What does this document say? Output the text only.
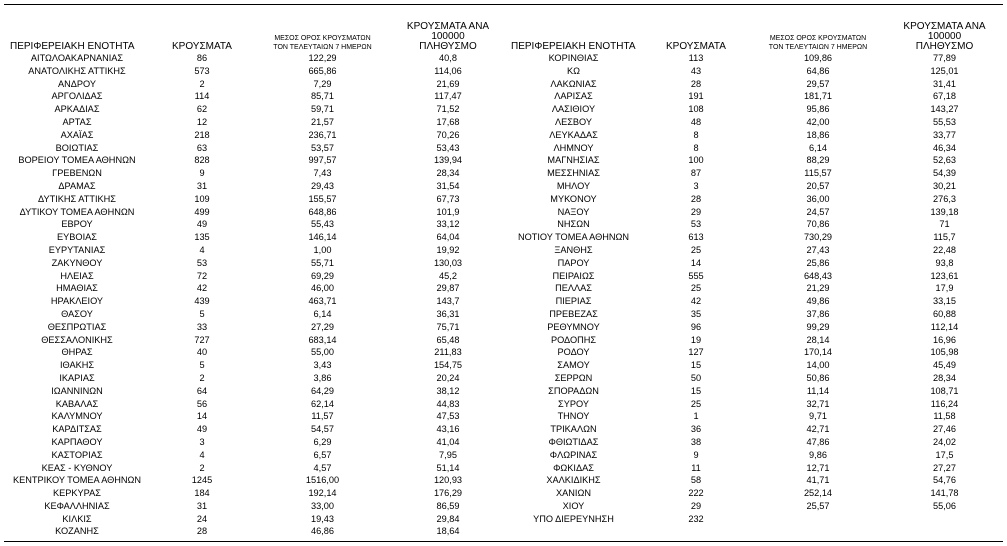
ΠΕΡΙΦΕΡΕΙΑΚΗ ΕΝΟΤΗΤΑ	ΚΡΟΥΣΜΑΤΑ	ΜΕΣΟΣ ΟΡΟΣ ΚΡΟΥΣΜΑΤΩΝ
ΤΟΝ ΤΕΛΕΥΤΑΙΩΝ 7 ΗΜΕΡΩΝ	ΚΡΟΥΣΜΑΤΑ ΑΝΑ 100000
ΠΛΗΘΥΣΜΟ
ΑΙΤΩΛΟΑΚΑΡΝΑΝΙΑΣ	86	122,29	40,8
ΑΝΑΤΟΛΙΚΗΣ ΑΤΤΙΚΗΣ	573	665,86	114,06
ΑΝΔΡΟΥ	2	7,29	21,69
ΑΡΓΟΛΙΔΑΣ	114	85,71	117,47
ΑΡΚΑΔΙΑΣ	62	59,71	71,52
ΑΡΤΑΣ	12	21,57	17,68
ΑΧΑΪΑΣ	218	236,71	70,26
ΒΟΙΩΤΙΑΣ	63	53,57	53,43
ΒΟΡΕΙΟΥ ΤΟΜΕΑ ΑΘΗΝΩΝ	828	997,57	139,94
ΓΡΕΒΕΝΩΝ	9	7,43	28,34
ΔΡΑΜΑΣ	31	29,43	31,54
ΔΥΤΙΚΗΣ ΑΤΤΙΚΗΣ	109	155,57	67,73
ΔΥΤΙΚΟΥ ΤΟΜΕΑ ΑΘΗΝΩΝ	499	648,86	101,9
ΕΒΡΟΥ	49	55,43	33,12
ΕΥΒΟΙΑΣ	135	146,14	64,04
ΕΥΡΥΤΑΝΙΑΣ	4	1,00	19,92
ΖΑΚΥΝΘΟΥ	53	55,71	130,03
ΗΛΕΙΑΣ	72	69,29	45,2
ΗΜΑΘΙΑΣ	42	46,00	29,87
ΗΡΑΚΛΕΙΟΥ	439	463,71	143,7
ΘΑΣΟΥ	5	6,14	36,31
ΘΕΣΠΡΩΤΙΑΣ	33	27,29	75,71
ΘΕΣΣΑΛΟΝΙΚΗΣ	727	683,14	65,48
ΘΗΡΑΣ	40	55,00	211,83
ΙΘΑΚΗΣ	5	3,43	154,75
ΙΚΑΡΙΑΣ	2	3,86	20,24
ΙΩΑΝΝΙΝΩΝ	64	64,29	38,12
ΚΑΒΑΛΑΣ	56	62,14	44,83
ΚΑΛΥΜΝΟΥ	14	11,57	47,53
ΚΑΡΔΙΤΣΑΣ	49	54,57	43,16
ΚΑΡΠΑΘΟΥ	3	6,29	41,04
ΚΑΣΤΟΡΙΑΣ	4	6,57	7,95
ΚΕΑΣ - ΚΥΘΝΟΥ	2	4,57	51,14
ΚΕΝΤΡΙΚΟΥ ΤΟΜΕΑ ΑΘΗΝΩΝ	1245	1516,00	120,93
ΚΕΡΚΥΡΑΣ	184	192,14	176,29
ΚΕΦΑΛΛΗΝΙΑΣ	31	33,00	86,59
ΚΙΛΚΙΣ	24	19,43	29,84
ΚΟΖΑΝΗΣ	28	46,86	18,64
ΠΕΡΙΦΕΡΕΙΑΚΗ ΕΝΟΤΗΤΑ	ΚΡΟΥΣΜΑΤΑ	ΜΕΣΟΣ ΟΡΟΣ ΚΡΟΥΣΜΑΤΩΝ
ΤΟΝ ΤΕΛΕΥΤΑΙΩΝ 7 ΗΜΕΡΩΝ	ΚΡΟΥΣΜΑΤΑ ΑΝΑ 100000
ΠΛΗΘΥΣΜΟ
ΚΟΡΙΝΘΙΑΣ	113	109,86	77,89
ΚΩ	43	64,86	125,01
ΛΑΚΩΝΙΑΣ	28	29,57	31,41
ΛΑΡΙΣΑΣ	191	181,71	67,18
ΛΑΣΙΘΙΟΥ	108	95,86	143,27
ΛΕΣΒΟΥ	48	42,00	55,53
ΛΕΥΚΑΔΑΣ	8	18,86	33,77
ΛΗΜΝΟΥ	8	6,14	46,34
ΜΑΓΝΗΣΙΑΣ	100	88,29	52,63
ΜΕΣΣΗΝΙΑΣ	87	115,57	54,39
ΜΗΛΟΥ	3	20,57	30,21
ΜΥΚΟΝΟΥ	28	36,00	276,3
ΝΑΞΟΥ	29	24,57	139,18
ΝΗΣΩΝ	53	70,86	71
ΝΟΤΙΟΥ ΤΟΜΕΑ ΑΘΗΝΩΝ	613	730,29	115,7
ΞΑΝΘΗΣ	25	27,43	22,48
ΠΑΡΟΥ	14	25,86	93,8
ΠΕΙΡΑΙΩΣ	555	648,43	123,61
ΠΕΛΛΑΣ	25	21,29	17,9
ΠΙΕΡΙΑΣ	42	49,86	33,15
ΠΡΕΒΕΖΑΣ	35	37,86	60,88
ΡΕΘΥΜΝΟΥ	96	99,29	112,14
ΡΟΔΟΠΗΣ	19	28,14	16,96
ΡΟΔΟΥ	127	170,14	105,98
ΣΑΜΟΥ	15	14,00	45,49
ΣΕΡΡΩΝ	50	50,86	28,34
ΣΠΟΡΑΔΩΝ	15	11,14	108,71
ΣΥΡΟΥ	25	32,71	116,24
ΤΗΝΟΥ	1	9,71	11,58
ΤΡΙΚΑΛΩΝ	36	42,71	27,46
ΦΘΙΩΤΙΔΑΣ	38	47,86	24,02
ΦΛΩΡΙΝΑΣ	9	9,86	17,5
ΦΩΚΙΔΑΣ	11	12,71	27,27
ΧΑΛΚΙΔΙΚΗΣ	58	41,71	54,76
ΧΑΝΙΩΝ	222	252,14	141,78
ΧΙΟΥ	29	25,57	55,06
ΥΠΟ ΔΙΕΡΕΥΝΗΣΗ	232		
